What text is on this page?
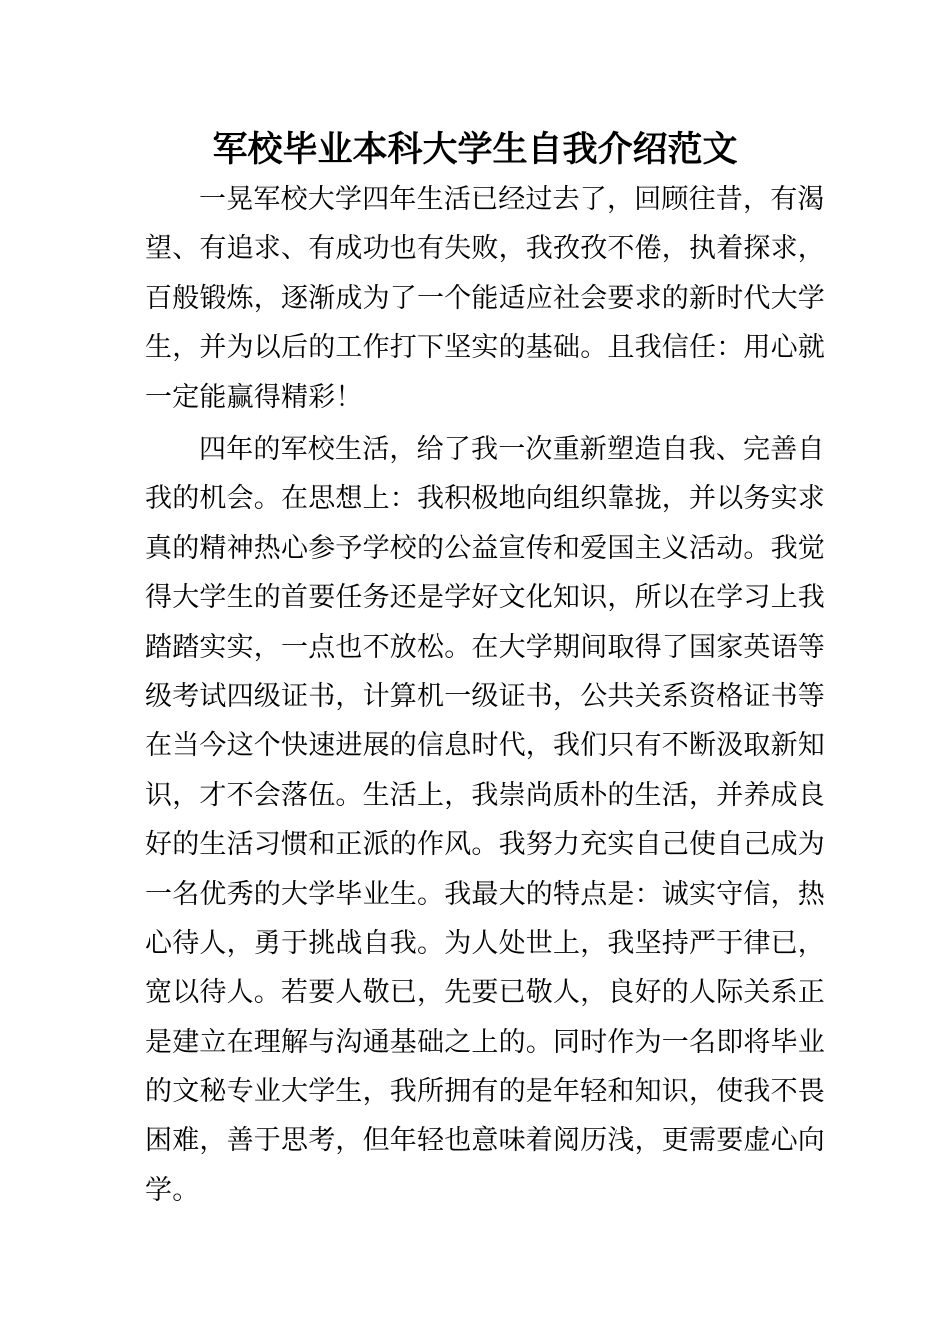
军校毕业本科大学生自我介绍范文
一晃军校大学四年生活已经过去了，回顾往昔，有渴
望、有追求、有成功也有失败，我孜孜不倦，执着探求，
百般锻炼，逐渐成为了一个能适应社会要求的新时代大学
生，并为以后的工作打下坚实的基础。且我信任：用心就
一定能赢得精彩！
四年的军校生活，给了我一次重新塑造自我、完善自
我的机会。在思想上：我积极地向组织靠拢，并以务实求
真的精神热心参予学校的公益宣传和爱国主义活动。我觉
得大学生的首要任务还是学好文化知识，所以在学习上我
踏踏实实，一点也不放松。在大学期间取得了国家英语等
级考试四级证书，计算机一级证书，公共关系资格证书等
在当今这个快速进展的信息时代，我们只有不断汲取新知
识，才不会落伍。生活上，我崇尚质朴的生活，并养成良
好的生活习惯和正派的作风。我努力充实自己使自己成为
一名优秀的大学毕业生。我最大的特点是：诚实守信，热
心待人，勇于挑战自我。为人处世上，我坚持严于律已，
宽以待人。若要人敬已，先要已敬人，良好的人际关系正
是建立在理解与沟通基础之上的。同时作为一名即将毕业
的文秘专业大学生，我所拥有的是年轻和知识，使我不畏
困难，善于思考，但年轻也意味着阅历浅，更需要虚心向
学。
